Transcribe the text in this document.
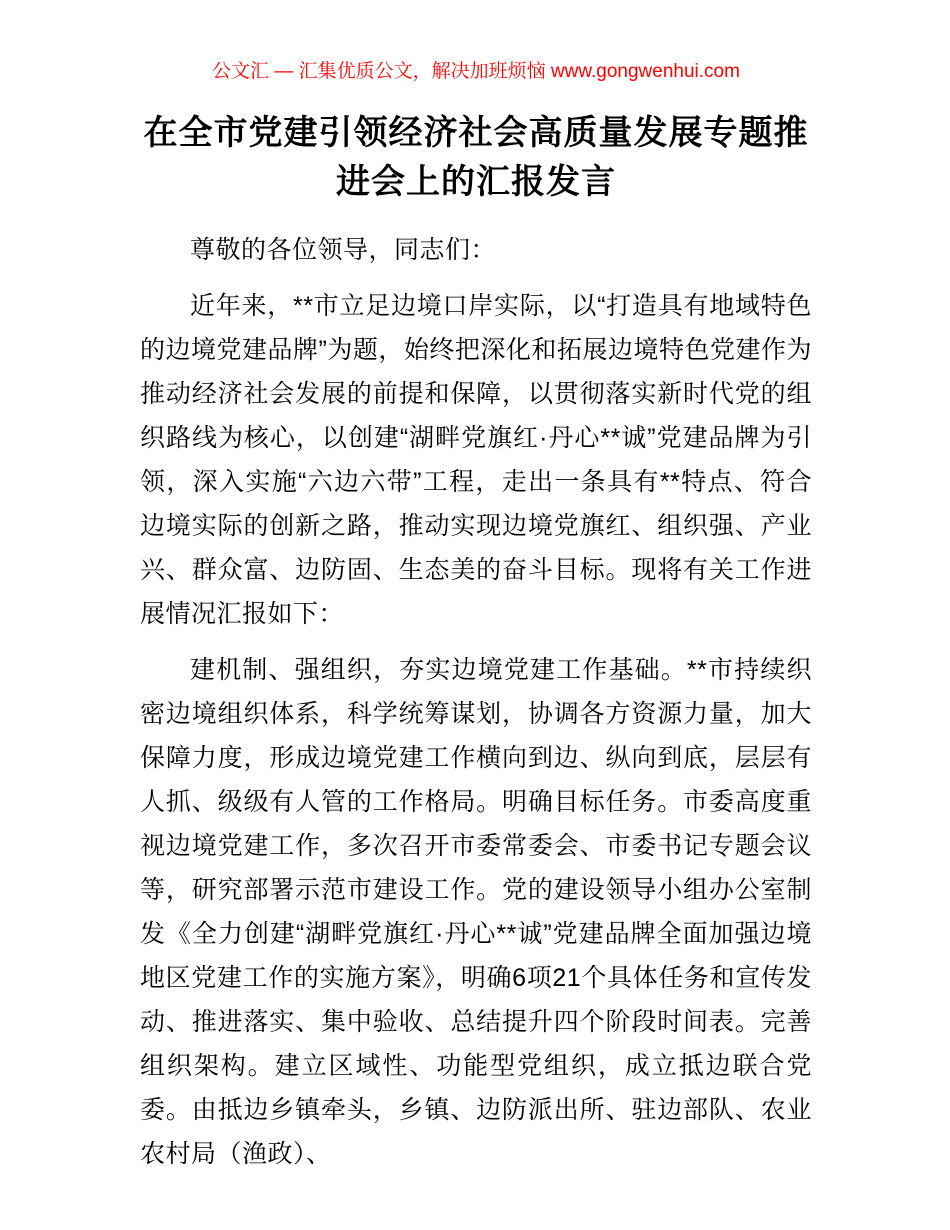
公文汇 — 汇集优质公文，解决加班烦恼 www.gongwenhui.com
在全市党建引领经济社会高质量发展专题推进会上的汇报发言

尊敬的各位领导，同志们：

近年来，**市立足边境口岸实际，以“打造具有地域特色的边境党建品牌”为题，始终把深化和拓展边境特色党建作为推动经济社会发展的前提和保障，以贯彻落实新时代党的组织路线为核心，以创建“湖畔党旗红·丹心**诚”党建品牌为引领，深入实施“六边六带”工程，走出一条具有**特点、符合边境实际的创新之路，推动实现边境党旗红、组织强、产业兴、群众富、边防固、生态美的奋斗目标。现将有关工作进展情况汇报如下：

建机制、强组织，夯实边境党建工作基础。**市持续织密边境组织体系，科学统筹谋划，协调各方资源力量，加大保障力度，形成边境党建工作横向到边、纵向到底，层层有人抓、级级有人管的工作格局。明确目标任务。市委高度重视边境党建工作，多次召开市委常委会、市委书记专题会议等，研究部署示范市建设工作。党的建设领导小组办公室制发《全力创建“湖畔党旗红·丹心**诚”党建品牌全面加强边境地区党建工作的实施方案》，明确6项21个具体任务和宣传发动、推进落实、集中验收、总结提升四个阶段时间表。完善组织架构。建立区域性、功能型党组织，成立抵边联合党委。由抵边乡镇牵头，乡镇、边防派出所、驻边部队、农业农村局（渔政）、
